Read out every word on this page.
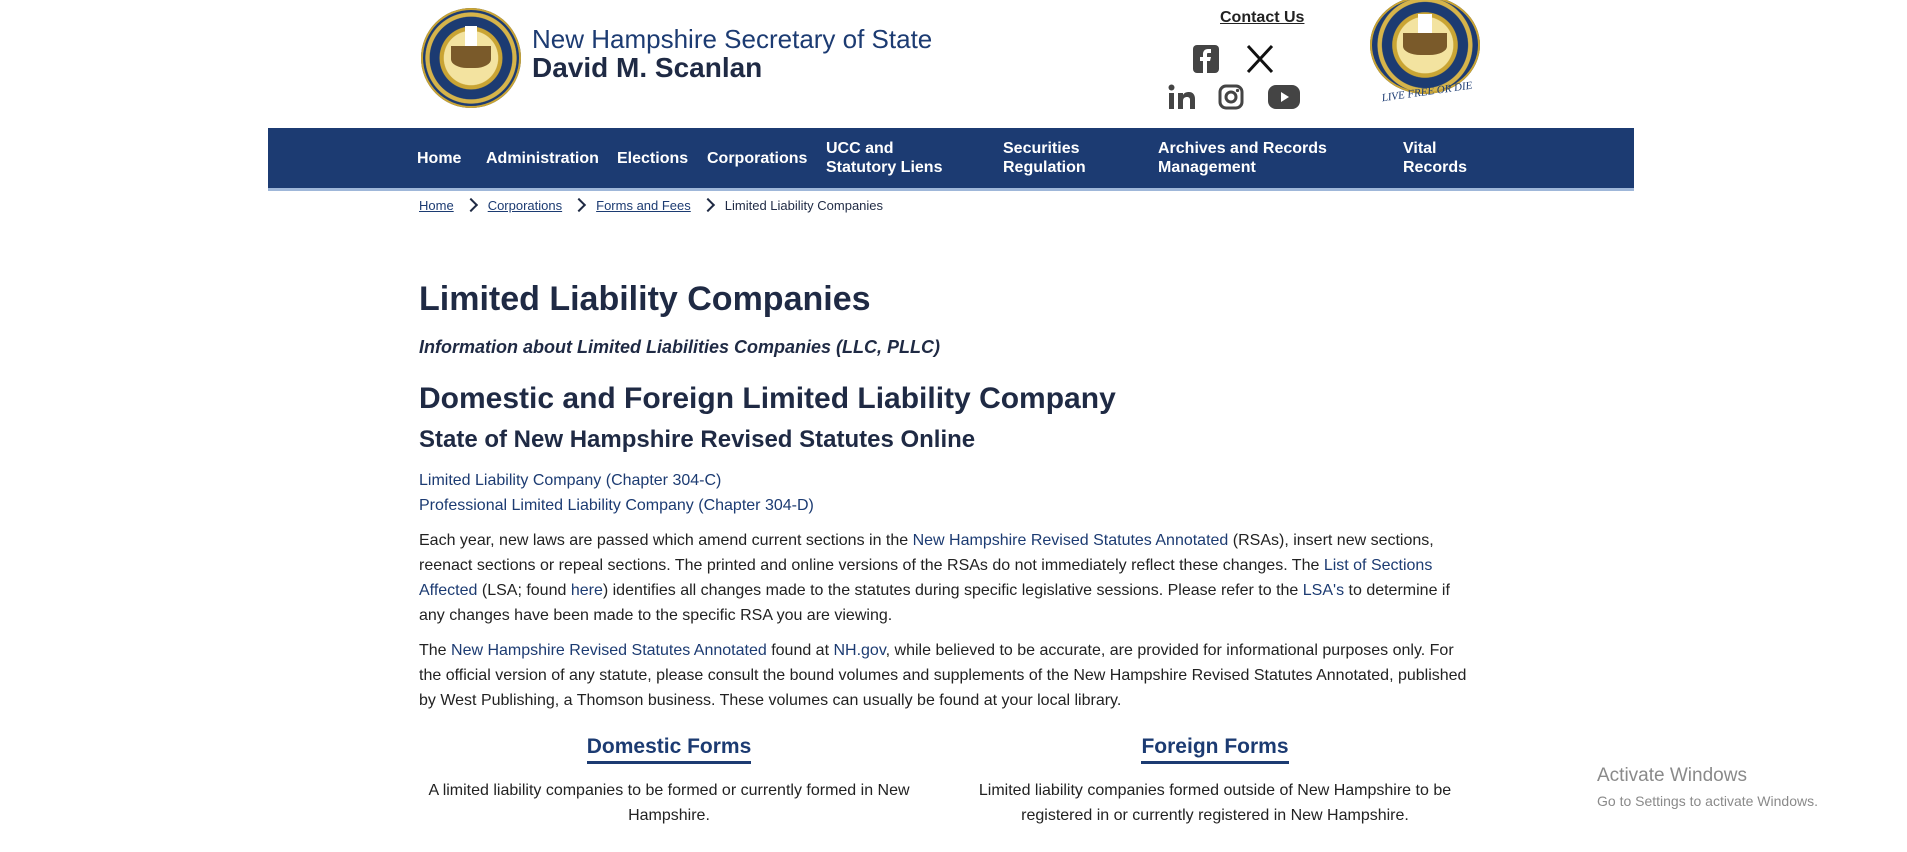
New Hampshire Secretary of State
David M. Scanlan
Contact Us
LIVE FREE OR DIE
Home Administration Elections Corporations
UCC and Statutory Liens
Securities Regulation
Archives and Records Management
Vital Records
Home	Corporations	Forms and Fees	Limited Liability Companies
Limited Liability Companies
Information about Limited Liabilities Companies (LLC, PLLC)
Domestic and Foreign Limited Liability Company
State of New Hampshire Revised Statutes Online
Limited Liability Company (Chapter 304-C)
Professional Limited Liability Company (Chapter 304-D)

Each year, new laws are passed which amend current sections in the New Hampshire Revised Statutes Annotated (RSAs), insert new sections, reenact sections or repeal sections. The printed and online versions of the RSAs do not immediately reflect these changes. The List of Sections Affected (LSA; found here) identifies all changes made to the statutes during specific legislative sessions. Please refer to the LSA's to determine if any changes have been made to the specific RSA you are viewing.

The New Hampshire Revised Statutes Annotated found at NH.gov, while believed to be accurate, are provided for informational purposes only. For the official version of any statute, please consult the bound volumes and supplements of the New Hampshire Revised Statutes Annotated, published by West Publishing, a Thomson business. These volumes can usually be found at your local library.

Domestic Forms
A limited liability companies to be formed or currently formed in New Hampshire.
Foreign Forms
Limited liability companies formed outside of New Hampshire to be registered in or currently registered in New Hampshire.
Activate Windows
Go to Settings to activate Windows.
